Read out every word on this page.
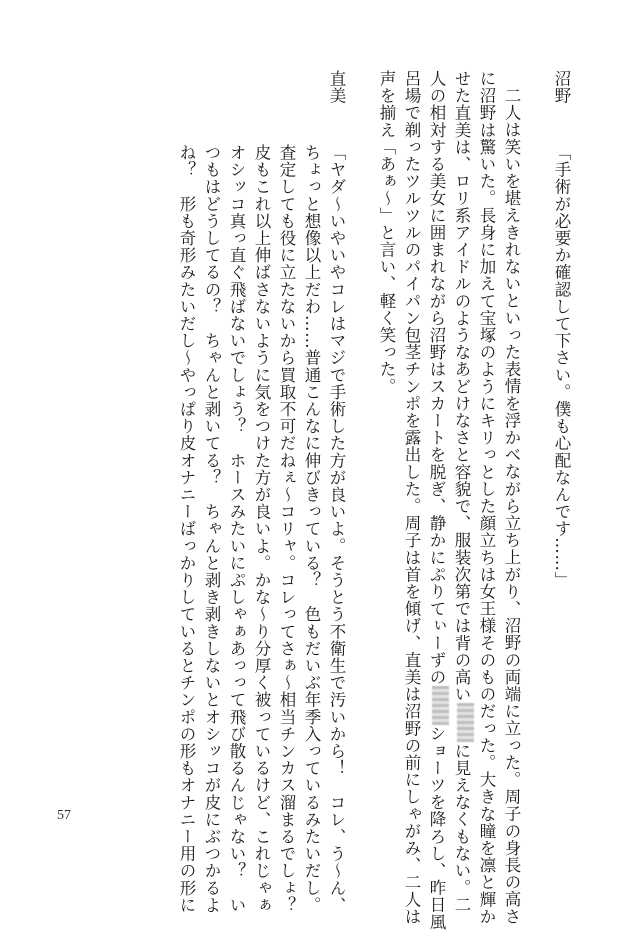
沼野
「手術が必要か確認して下さい。僕も心配なんです……」

二人は笑いを堪えきれないといった表情を浮かべながら立ち上がり、沼野の両端に立った。周子の身長の高さ

に沼野は驚いた。長身に加えて宝塚のようにキリっとした顔立ちは女王様そのものだった。大きな瞳を凛と輝か

せた直美は、ロリ系アイドルのようなあどけなさと容貌で、服装次第では背の高いに見えなくもない。二

人の相対する美女に囲まれながら沼野はスカートを脱ぎ、静かにぷりてぃーずのショーツを降ろし、昨日風

呂場で剃ったツルツルのパイパン包茎チンポを露出した。周子は首を傾げ、直美は沼野の前にしゃがみ、二人は

声を揃え「あぁ〜」と言い、軽く笑った。

直美
「ヤダ〜いやいやコレはマジで手術した方が良いよ。そうとう不衛生で汚いから！　コレ、う〜ん、

ちょっと想像以上だわ……普通こんなに伸びきっている？　色もだいぶ年季入っているみたいだし。

査定しても役に立たないから買取不可だねぇ〜コリャ。コレってさぁ〜相当チンカス溜まるでしょ？

皮もこれ以上伸ばさないように気をつけた方が良いよ。かな〜り分厚く被っているけど、これじゃぁ

オシッコ真っ直ぐ飛ばないでしょう？　ホースみたいにぷしゃぁあっって飛び散るんじゃない？　い

つもはどうしてるの？　ちゃんと剥いてる？　ちゃんと剥き剥きしないとオシッコが皮にぶつかるよ

ね？　形も奇形みたいだし〜やっぱり皮オナニーばっかりしているとチンポの形もオナニー用の形に

57
